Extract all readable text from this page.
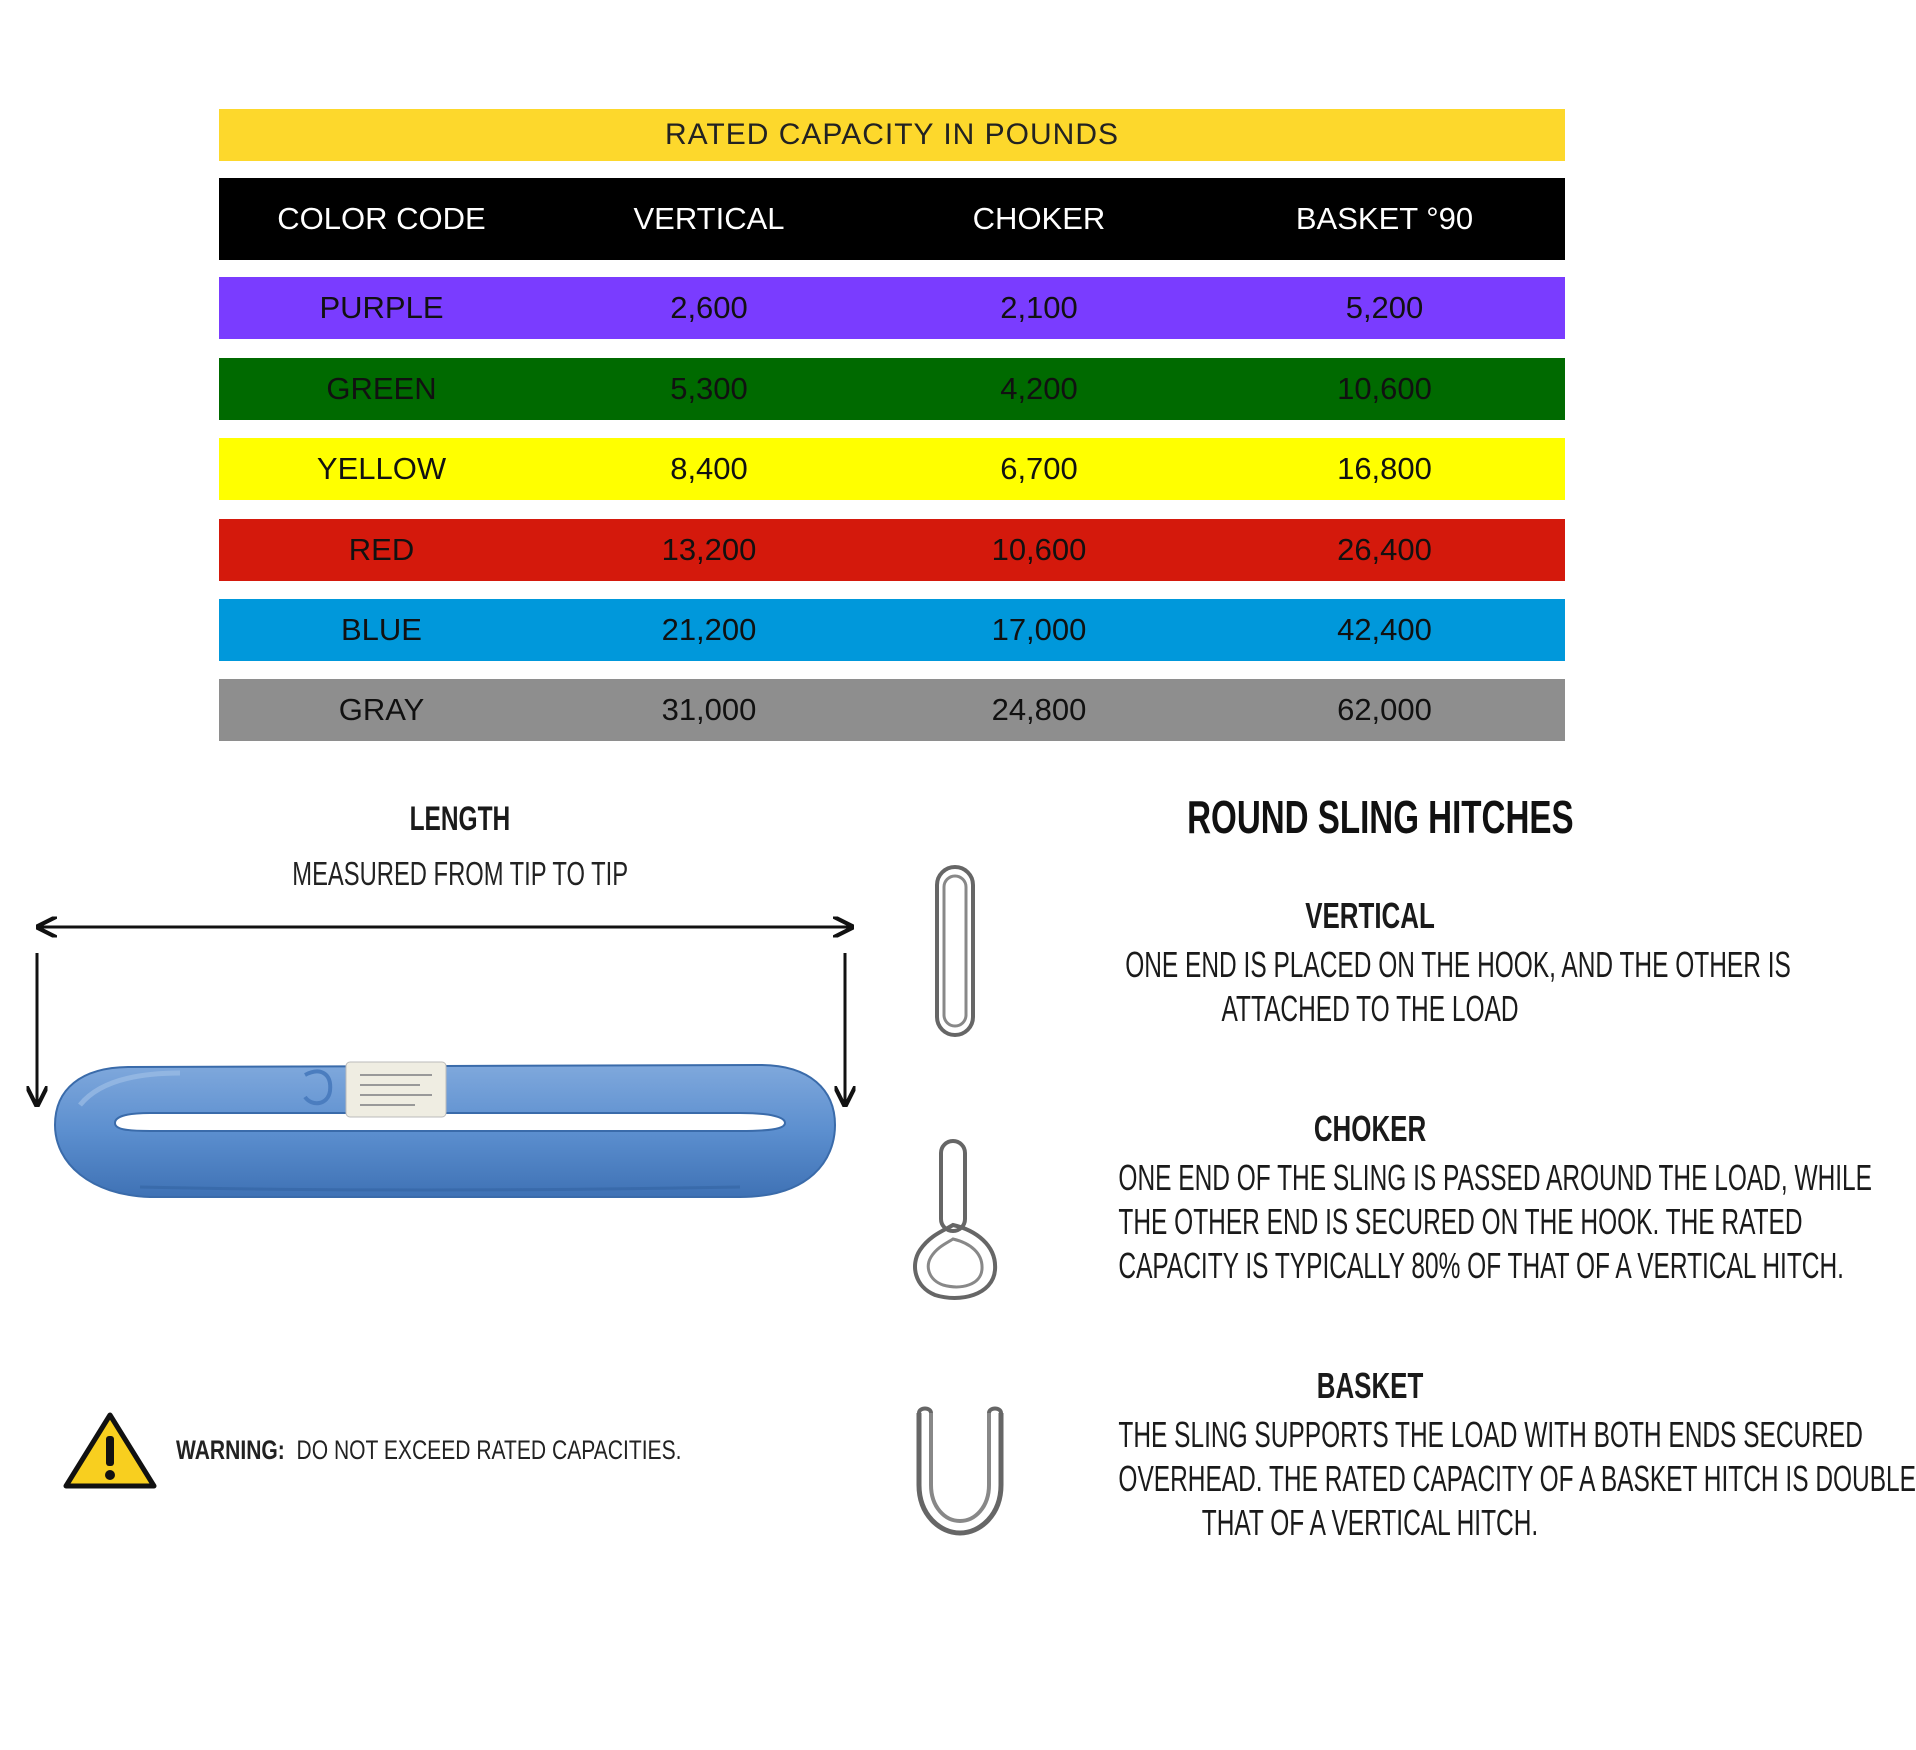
RATED CAPACITY IN POUNDS
COLOR CODE	VERTICAL	CHOKER	BASKET °90
PURPLE	2,600	2,100	5,200
GREEN	5,300	4,200	10,600
YELLOW	8,400	6,700	16,800
RED	13,200	10,600	26,400
BLUE	21,200	17,000	42,400
GRAY	31,000	24,800	62,000
LENGTH
MEASURED FROM TIP TO TIP
WARNING: DO NOT EXCEED RATED CAPACITIES.
ROUND SLING HITCHES
VERTICAL
ONE END IS PLACED ON THE HOOK, AND THE OTHER IS
ATTACHED TO THE LOAD
CHOKER
ONE END OF THE SLING IS PASSED AROUND THE LOAD, WHILE
THE OTHER END IS SECURED ON THE HOOK. THE RATED
CAPACITY IS TYPICALLY 80% OF THAT OF A VERTICAL HITCH.
BASKET
THE SLING SUPPORTS THE LOAD WITH BOTH ENDS SECURED
OVERHEAD. THE RATED CAPACITY OF A BASKET HITCH IS DOUBLE
THAT OF A VERTICAL HITCH.
